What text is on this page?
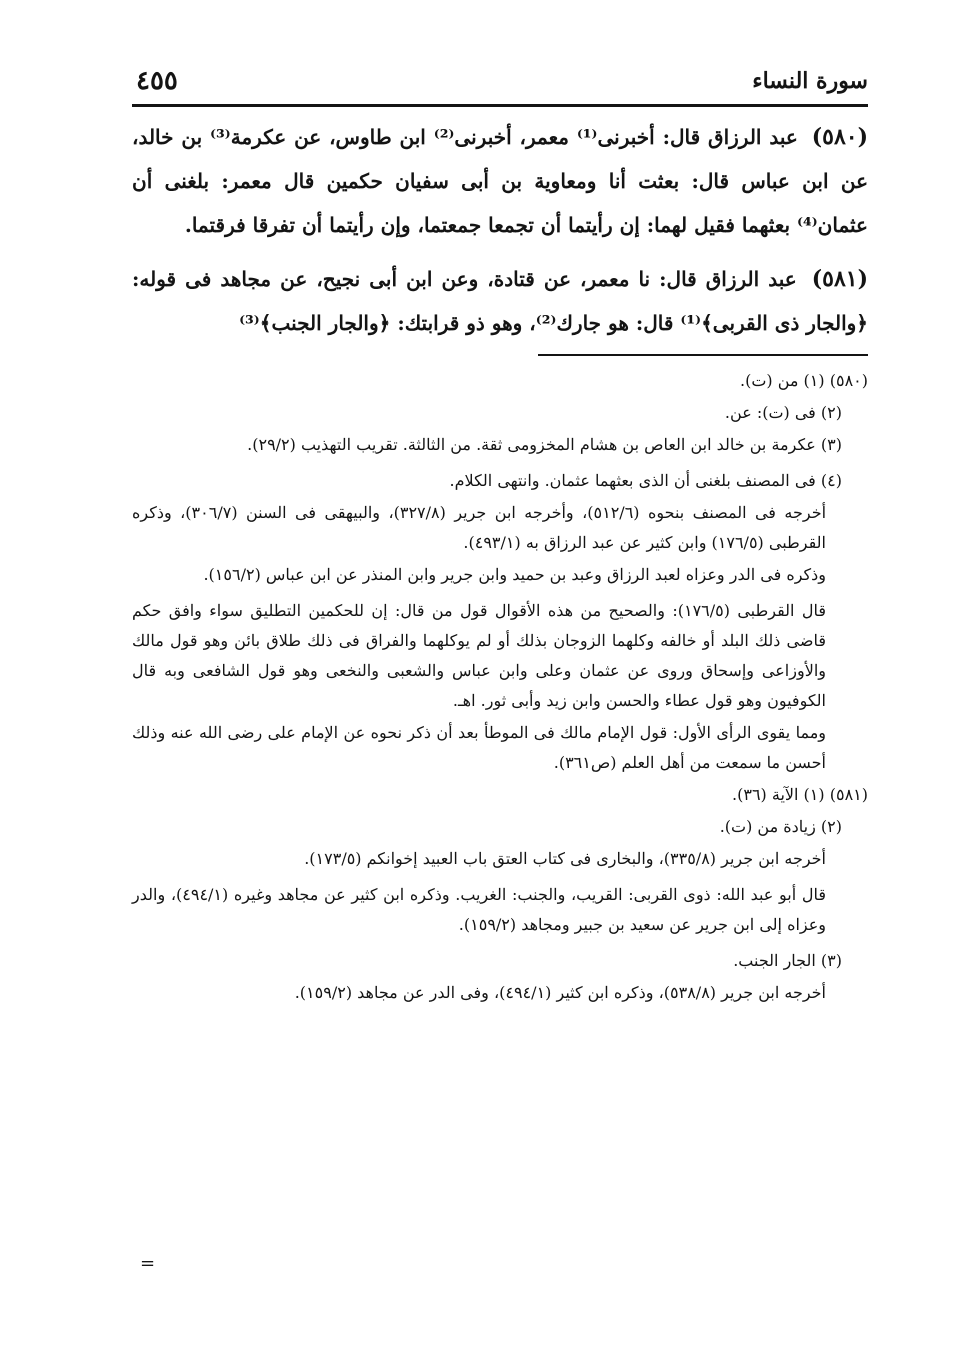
سورة النساء
٤٥٥

(٥٨٠) عبد الرزاق قال: أخبرنى⁽¹⁾ معمر، أخبرنى⁽²⁾ ابن طاوس، عن عكرمة⁽³⁾ بن خالد، عن ابن عباس قال: بعثت أنا ومعاوية بن أبى سفيان حكمين قال معمر: بلغنى أن عثمان⁽⁴⁾ بعثهما فقيل لهما: إن رأيتما أن تجمعا جمعتما، وإن رأيتما أن تفرقا فرقتما.

(٥٨١) عبد الرزاق قال: نا معمر، عن قتادة، وعن ابن أبى نجيح، عن مجاهد فى قوله: ﴿والجار ذى القربى﴾⁽¹⁾ قال: هو جارك⁽²⁾، وهو ذو قرابتك: ﴿والجار الجنب﴾⁽³⁾

(٥٨٠) (١) من (ت).

(٢) فى (ت): عن.

(٣) عكرمة بن خالد ابن العاص بن هشام المخزومى ثقة. من الثالثة. تقريب التهذيب (٢٩/٢).

(٤) فى المصنف بلغنى أن الذى بعثهما عثمان. وانتهى الكلام.

أخرجه فى المصنف بنحوه (٥١٢/٦)، وأخرجه ابن جرير (٣٢٧/٨)، والبيهقى فى السنن (٣٠٦/٧)، وذكره القرطبى (١٧٦/٥) وابن كثير عن عبد الرزاق به (٤٩٣/١).

وذكره فى الدر وعزاه لعبد الرزاق وعبد بن حميد وابن جرير وابن المنذر عن ابن عباس (١٥٦/٢).

قال القرطبى (١٧٦/٥): والصحيح من هذه الأقوال قول من قال: إن للحكمين التطليق سواء وافق حكم قاضى ذلك البلد أو خالفه وكلهما الزوجان بذلك أو لم يوكلهما والفراق فى ذلك طلاق بائن وهو قول مالك والأوزاعى وإسحاق وروى عن عثمان وعلى وابن عباس والشعبى والنخعى وهو قول الشافعى وبه قال الكوفيون وهو قول عطاء والحسن وابن زيد وأبى ثور. اهـ.

ومما يقوى الرأى الأول: قول الإمام مالك فى الموطأ بعد أن ذكر نحوه عن الإمام على رضى الله عنه وذلك أحسن ما سمعت من أهل العلم (ص٣٦١).

(٥٨١) (١) الآية (٣٦).

(٢) زيادة من (ت).

أخرجه ابن جرير (٣٣٥/٨)، والبخارى فى كتاب العتق باب العبيد إخوانكم (١٧٣/٥).

قال أبو عبد الله: ذوى القربى: القريب، والجنب: الغريب. وذكره ابن كثير عن مجاهد وغيره (٤٩٤/١)، والدر وعزاه إلى ابن جرير عن سعيد بن جبير ومجاهد (١٥٩/٢).

(٣) الجار الجنب.

أخرجه ابن جرير (٥٣٨/٨)، وذكره ابن كثير (٤٩٤/١)، وفى الدر عن مجاهد (١٥٩/٢).

=
